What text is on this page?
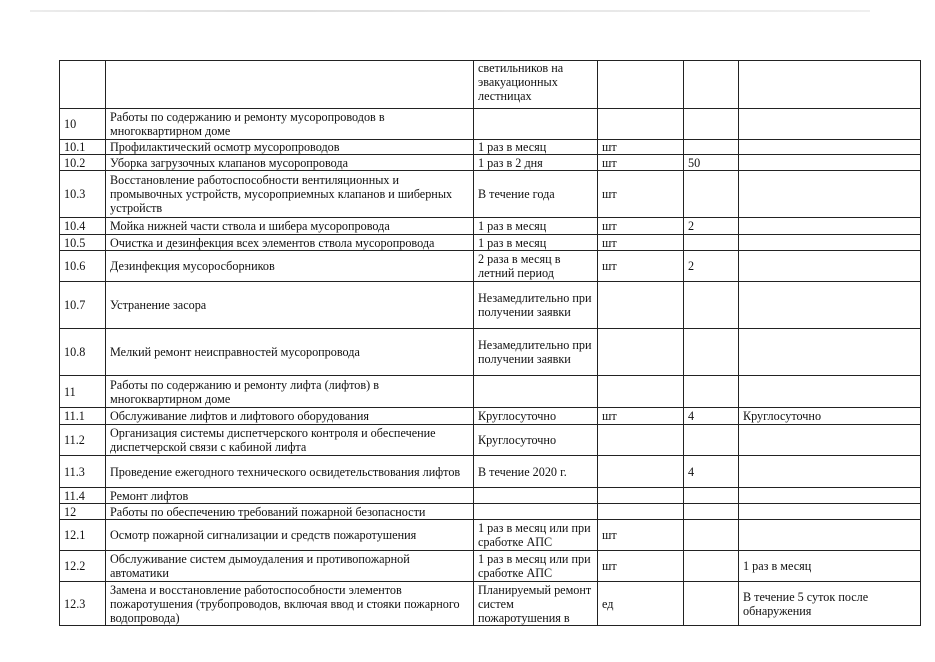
		светильников на эвакуационных лестницах			
10	Работы по содержанию и ремонту мусоропроводов в многоквартирном доме				
10.1	Профилактический осмотр мусоропроводов	1 раз в месяц	шт		
10.2	Уборка загрузочных клапанов мусоропровода	1 раз в 2 дня	шт	50	
10.3	Восстановление работоспособности вентиляционных и промывочных устройств, мусороприемных клапанов и шиберных устройств	В течение года	шт		
10.4	Мойка нижней части ствола и шибера мусоропровода	1 раз в месяц	шт	2	
10.5	Очистка и дезинфекция всех элементов ствола мусоропровода	1 раз в месяц	шт		
10.6	Дезинфекция мусоросборников	2 раза в месяц в летний период	шт	2	
10.7	Устранение засора	Незамедлительно при получении заявки			
10.8	Мелкий ремонт неисправностей мусоропровода	Незамедлительно при получении заявки			
11	Работы по содержанию и ремонту лифта (лифтов) в многоквартирном доме				
11.1	Обслуживание лифтов и лифтового оборудования	Круглосуточно	шт	4	Круглосуточно
11.2	Организация системы диспетчерского контроля и обеспечение диспетчерской связи с кабиной лифта	Круглосуточно			
11.3	Проведение ежегодного технического освидетельствования лифтов	В течение 2020 г.		4	
11.4	Ремонт лифтов				
12	Работы по обеспечению требований пожарной безопасности				
12.1	Осмотр пожарной сигнализации и средств пожаротушения	1 раз в месяц или при сработке АПС	шт		
12.2	Обслуживание систем дымоудаления и противопожарной автоматики	1 раз в месяц или при сработке АПС	шт		1 раз в месяц
12.3	Замена и восстановление работоспособности элементов пожаротушения (трубопроводов, включая ввод и стояки пожарного водопровода)	Планируемый ремонт систем пожаротушения в	ед		В течение 5 суток после обнаружения
